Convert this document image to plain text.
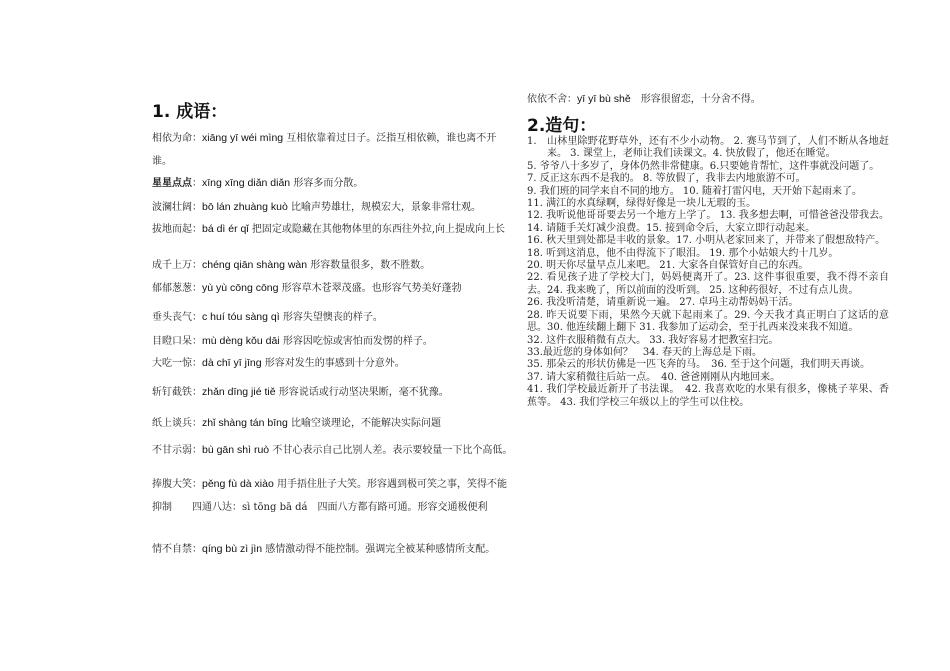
1. 成语：
相依为命：xiāng yī wéi mìng 互相依靠着过日子。泛指互相依赖，谁也离不开谁。
星星点点：xīng xīng diǎn diǎn 形容多而分散。
波澜壮阔：bō lán zhuàng kuò 比喻声势雄壮，规模宏大，景象非常壮观。
拔地而起：bá dì ér qǐ 把固定或隐藏在其他物体里的东西往外拉,向上提成向上长
成千上万：chéng qiān shàng wàn 形容数量很多，数不胜数。
郁郁葱葱：yù yù cōng cōng 形容草木苍翠茂盛。也形容气势美好蓬勃
垂头丧气：c huí tóu sàng qì 形容失望懊丧的样子。
目瞪口呆：mù dèng kǒu dāi 形容因吃惊或害怕而发愣的样子。
大吃一惊：dà chī yī jīng 形容对发生的事感到十分意外。
斩钉截铁：zhǎn dīng jié tiě 形容说话或行动坚决果断，毫不犹豫。
纸上谈兵：zhǐ shàng tán bīng 比喻空谈理论，不能解决实际问题
不甘示弱：bù gān shì ruò 不甘心表示自己比别人差。表示要较量一下比个高低。
捧腹大笑：pěng fù dà xiào 用手捂住肚子大笑。形容遇到极可笑之事，笑得不能抑制　　四通八达：sì tōng bā dá　四面八方都有路可通。形容交通极便利
情不自禁：qíng bù zì jìn 感情激动得不能控制。强调完全被某种感情所支配。
依依不舍：yī yī bù shě　 形容很留恋，十分舍不得。
2.造句：
1.	山林里除野花野草外，还有不少小动物。 2. 赛马节到了，人们不断从各地赶来。 3. 课堂上，老师让我们读课文。4. 快放假了，他还在睡觉。
5. 爷爷八十多岁了，身体仍然非常健康。6.只要她肯帮忙，这件事就没问题了。
7. 反正这东西不是我的。 8. 等放假了，我非去内地旅游不可。
9. 我们班的同学来自不同的地方。 10. 随着打雷闪电，天开始下起雨来了。
11. 满江的水真绿啊，绿得好像是一块儿无瑕的玉。
12. 我听说他哥哥要去另一个地方上学了。 13. 我多想去啊，可惜爸爸没带我去。 14. 请随手关灯减少浪费。15. 接到命令后，大家立即行动起来。
16. 秋天里到处都是丰收的景象。17. 小明从老家回来了，并带来了假想敌特产。
18. 听到这消息，他不由得流下了眼泪。 19. 那个小姑娘大约十几岁。
20. 明天你尽量早点儿来吧。 21. 大家各自保管好自己的东西。
22. 看见孩子进了学校大门，妈妈便离开了。23. 这件事很重要，我不得不亲自去。24. 我来晚了，所以前面的没听到。 25. 这种药很好，不过有点儿贵。
26. 我没听清楚，请重新说一遍。 27. 卓玛主动帮妈妈干活。
28. 昨天说要下雨，果然今天就下起雨来了。29. 今天我才真正明白了这话的意思。30. 他连续翻上翻下 31. 我参加了运动会，至于扎西来没来我不知道。
32. 这件衣服稍微有点大。 33. 我好容易才把教室扫完。
33.最近您的身体如何？　34. 春天的上海总是下雨。
35. 那朵云的形状仿佛是一匹飞奔的马。　36. 至于这个问题，我们明天再谈。
37. 请大家稍微往后站一点。　40. 爸爸刚刚从内地回来。
41. 我们学校最近新开了书法课。　42. 我喜欢吃的水果有很多，像桃子苹果、香蕉等。 43. 我们学校三年级以上的学生可以住校。
